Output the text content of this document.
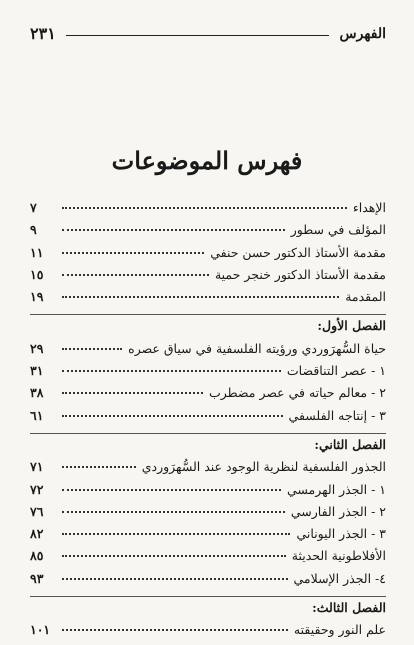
٢٣١	الفهرس
فهرس الموضوعات
الإهداء
٧
المؤلف في سطور
٩
مقدمة الأستاذ الدكتور حسن حنفي
١١
مقدمة الأستاذ الدكتور خنجر حمية
١٥
المقدمة
١٩
الفصل الأول:
حياة السُّهرَوردي ورؤيته الفلسفية في سياق عصره
٢٩
١ - عصر التناقضات
٣١
٢ - معالم حياته في عصر مضطرب
٣٨
٣ - إنتاجه الفلسفي
٦١
الفصل الثاني:
الجذور الفلسفية لنظرية الوجود عند السُّهرَوردي
٧١
١ - الجذر الهرمسي
٧٢
٢ - الجذر الفارسي
٧٦
٣ - الجذر اليوناني
٨٢
الأفلاطونية الحديثة
٨٥
٤- الجذر الإسلامي
٩٣
الفصل الثالث:
علم النور وحقيقته
١٠١
